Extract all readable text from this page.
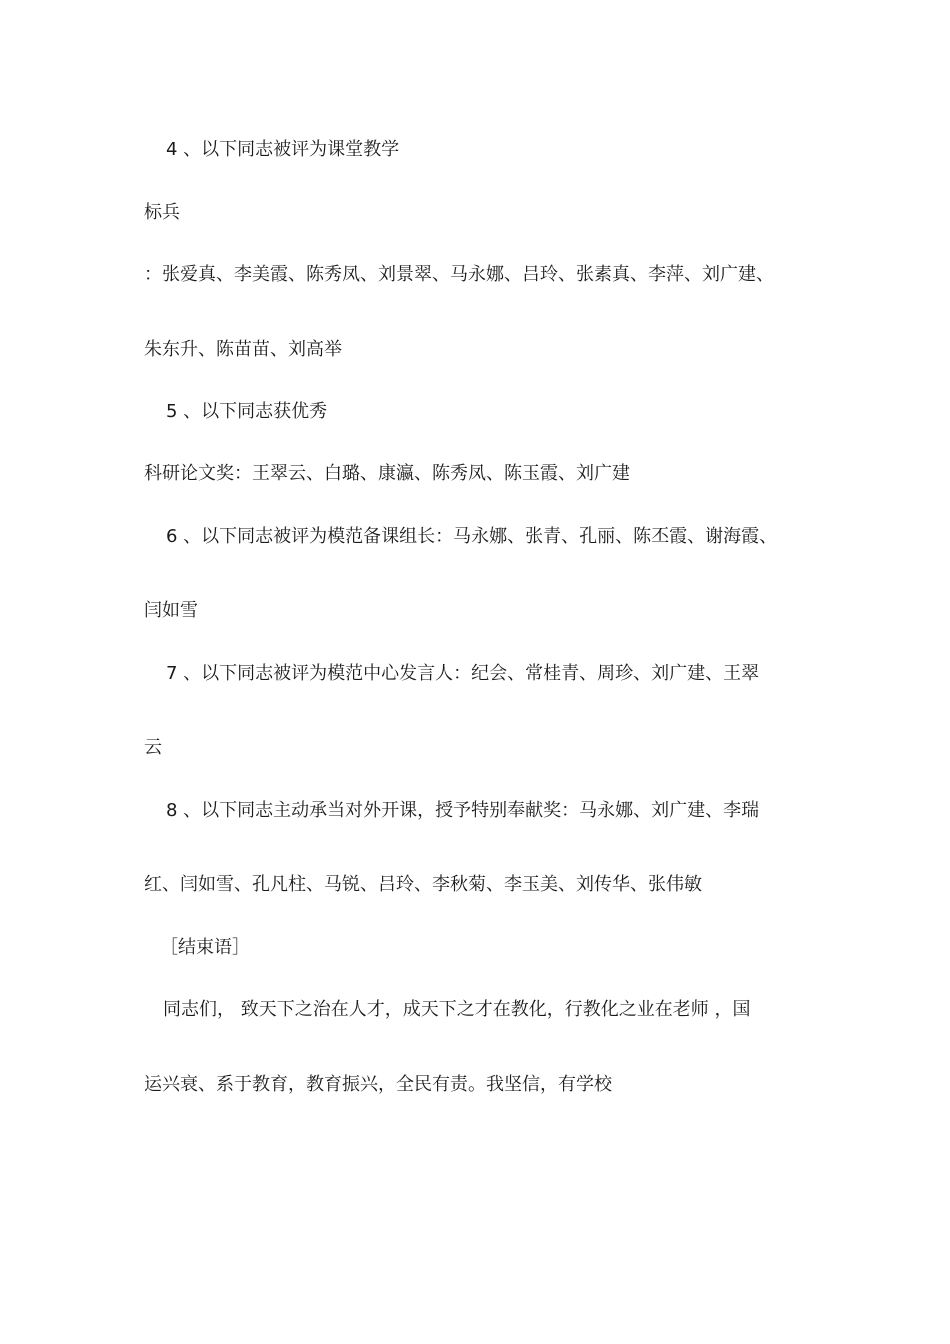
4 、以下同志被评为课堂教学
标兵
：张爱真、李美霞、陈秀凤、刘景翠、马永娜、吕玲、张素真、李萍、刘广建、
朱东升、陈苗苗、刘高举
5 、以下同志获优秀
科研论文奖：王翠云、白璐、康瀛、陈秀凤、陈玉霞、刘广建
6 、以下同志被评为模范备课组长：马永娜、张青、孔丽、陈丕霞、谢海霞、
闫如雪
7 、以下同志被评为模范中心发言人：纪会、常桂青、周珍、刘广建、王翠
云
8 、以下同志主动承当对外开课，授予特别奉献奖：马永娜、刘广建、李瑞
红、闫如雪、孔凡柱、马锐、吕玲、李秋菊、李玉美、刘传华、张伟敏
［结束语］
同志们， 致天下之治在人才，成天下之才在教化，行教化之业在老师 ，国
运兴衰、系于教育，教育振兴，全民有责。我坚信，有学校
